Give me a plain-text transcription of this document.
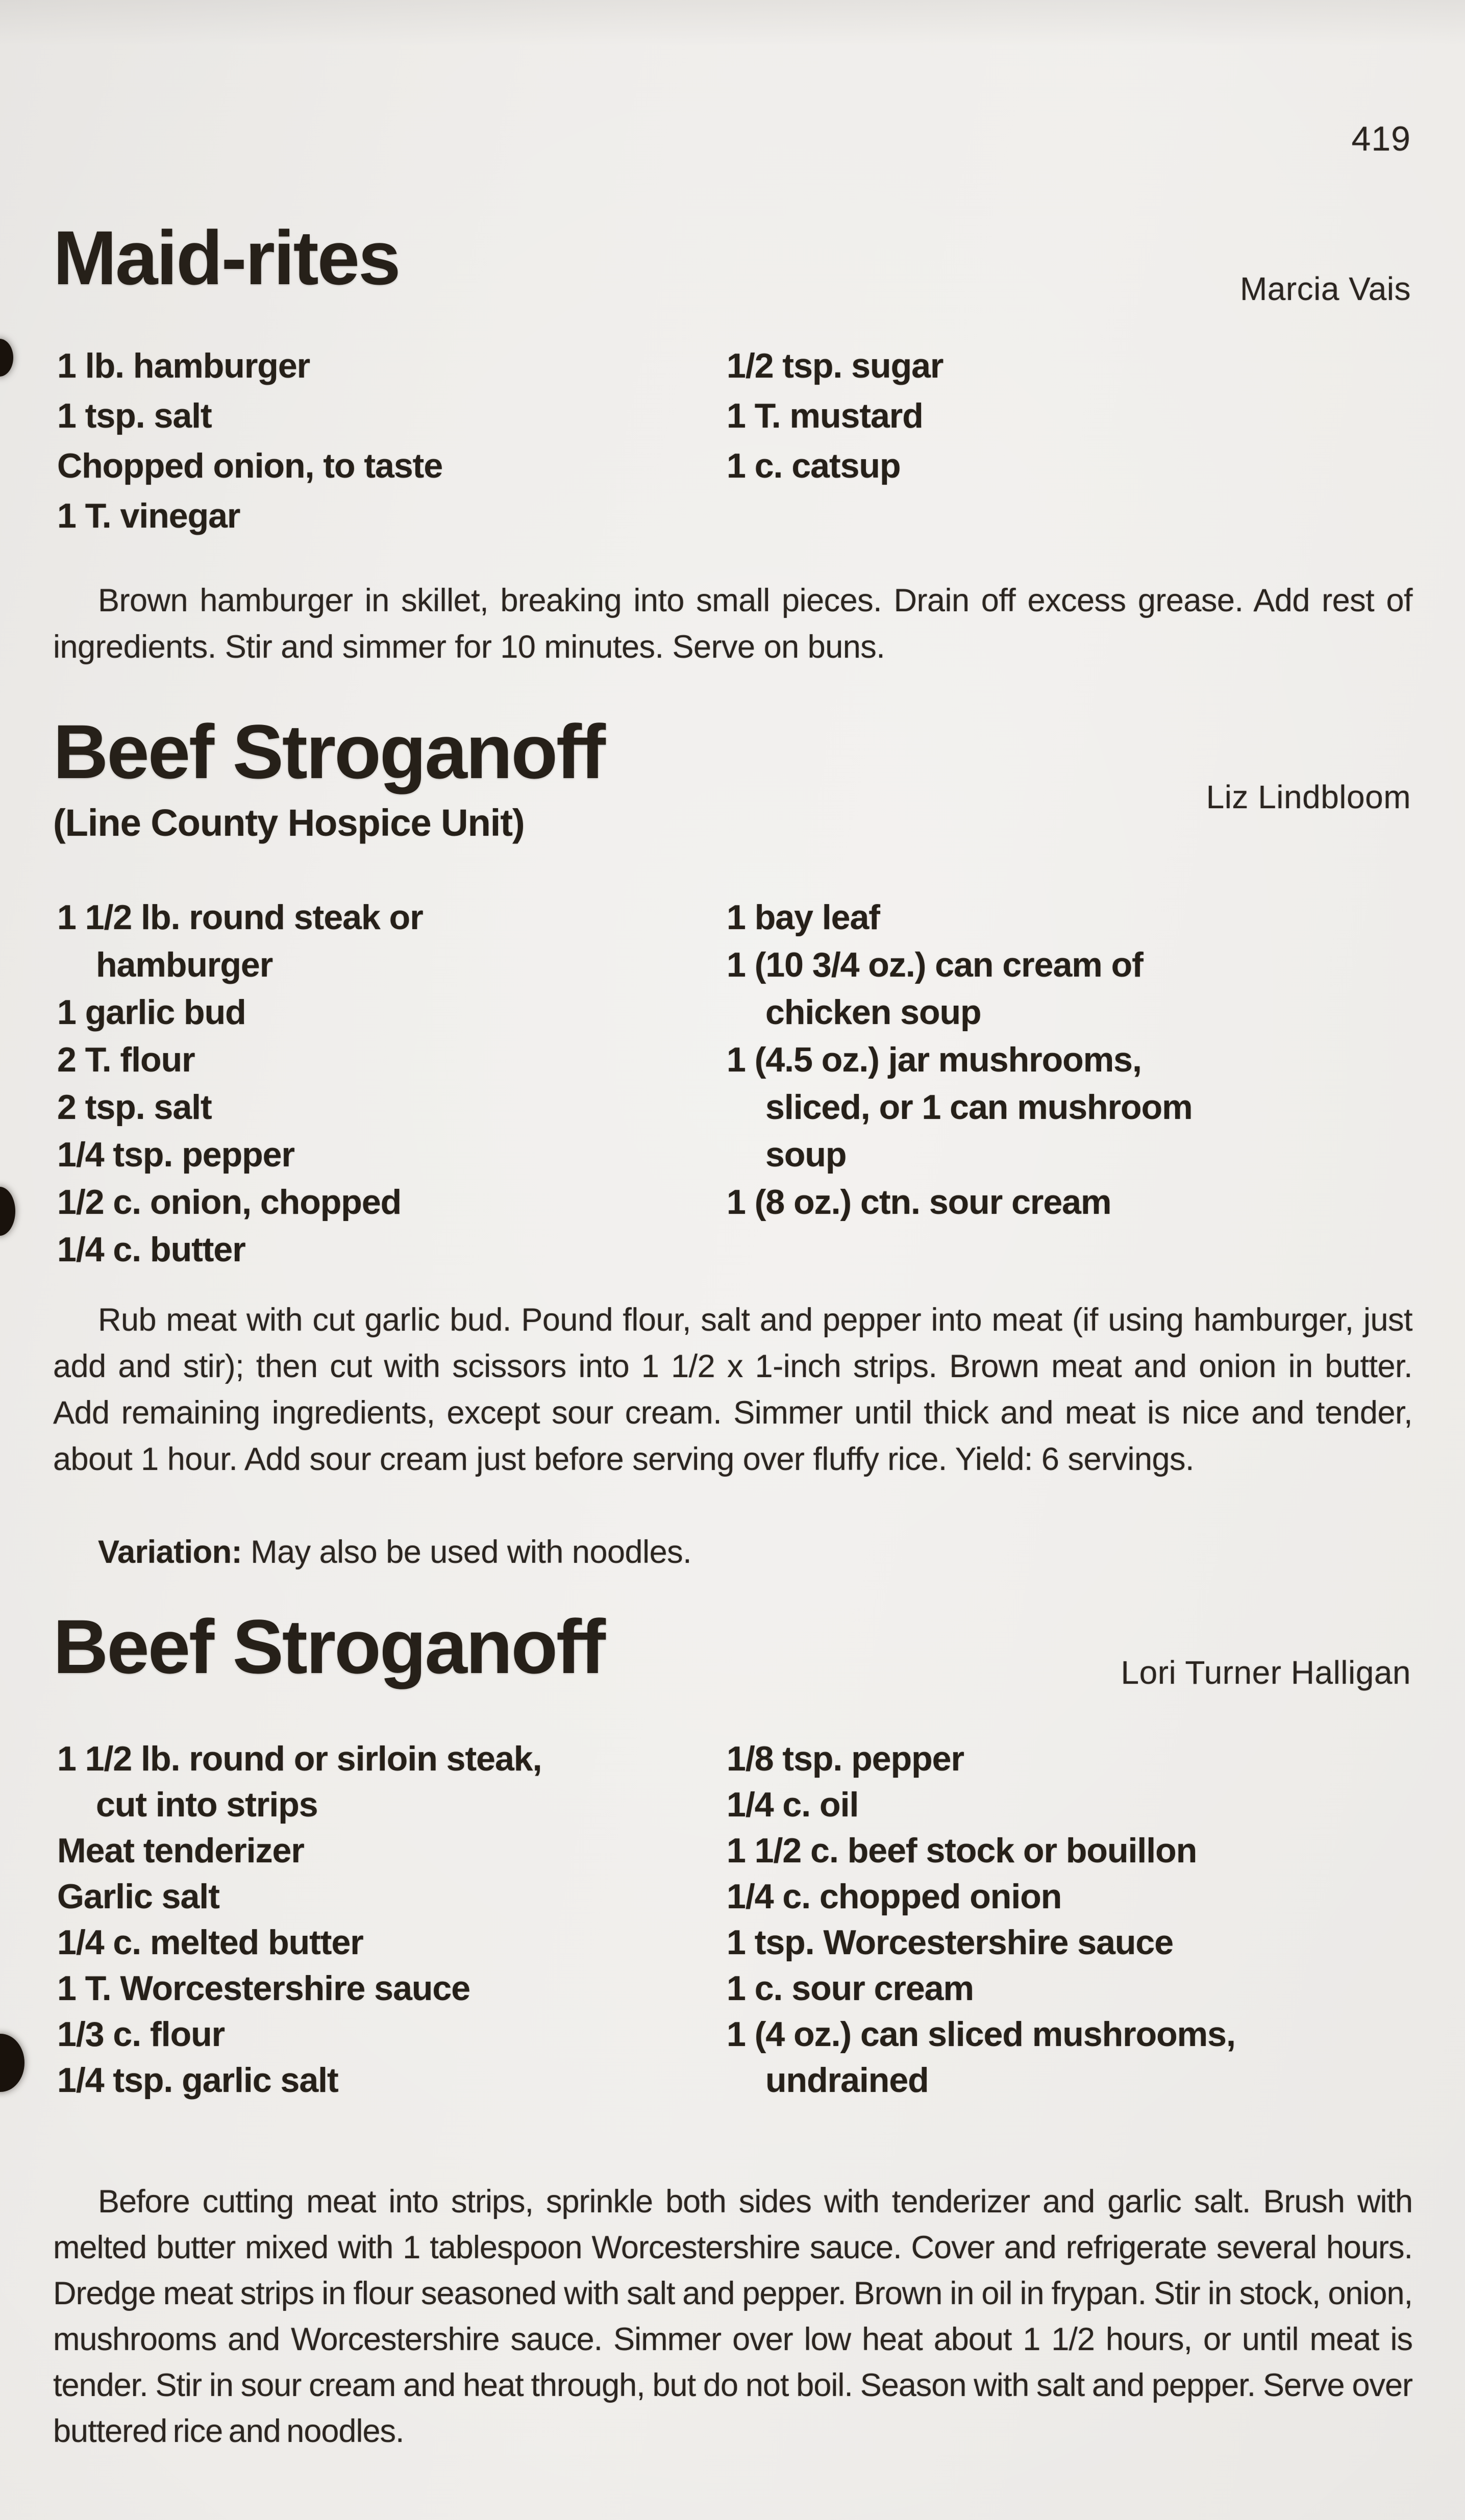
419
Maid-rites	Marcia Vais
1 lb. hamburger
1 tsp. salt
Chopped onion, to taste
1 T. vinegar
1/2 tsp. sugar
1 T. mustard
1 c. catsup

Brown hamburger in skillet, breaking into small pieces. Drain off excess grease. Add rest of ingredients. Stir and simmer for 10 minutes. Serve on buns.

Beef Stroganoff
Liz Lindbloom
(Line County Hospice Unit)
1 1/2 lb. round steak or
hamburger
1 garlic bud
2 T. flour
2 tsp. salt
1/4 tsp. pepper
1/2 c. onion, chopped
1/4 c. butter
1 bay leaf
1 (10 3/4 oz.) can cream of
chicken soup
1 (4.5 oz.) jar mushrooms,
sliced, or 1 can mushroom
soup
1 (8 oz.) ctn. sour cream

Rub meat with cut garlic bud. Pound flour, salt and pepper into meat (if using hamburger, just add and stir); then cut with scissors into 1 1/2 x 1-inch strips. Brown meat and onion in butter. Add remaining ingredients, except sour cream. Simmer until thick and meat is nice and tender, about 1 hour. Add sour cream just before serving over fluffy rice. Yield: 6 servings.

Variation: May also be used with noodles.

Beef Stroganoff	Lori Turner Halligan
1 1/2 lb. round or sirloin steak,
cut into strips
Meat tenderizer
Garlic salt
1/4 c. melted butter
1 T. Worcestershire sauce
1/3 c. flour
1/4 tsp. garlic salt
1/8 tsp. pepper
1/4 c. oil
1 1/2 c. beef stock or bouillon
1/4 c. chopped onion
1 tsp. Worcestershire sauce
1 c. sour cream
1 (4 oz.) can sliced mushrooms,
undrained

Before cutting meat into strips, sprinkle both sides with tenderizer and garlic salt. Brush with melted butter mixed with 1 tablespoon Worcestershire sauce. Cover and refrigerate several hours. Dredge meat strips in flour seasoned with salt and pepper. Brown in oil in frypan. Stir in stock, onion, mushrooms and Worcestershire sauce. Simmer over low heat about 1 1/2 hours, or until meat is tender. Stir in sour cream and heat through, but do not boil. Season with salt and pepper. Serve over buttered rice and noodles.
